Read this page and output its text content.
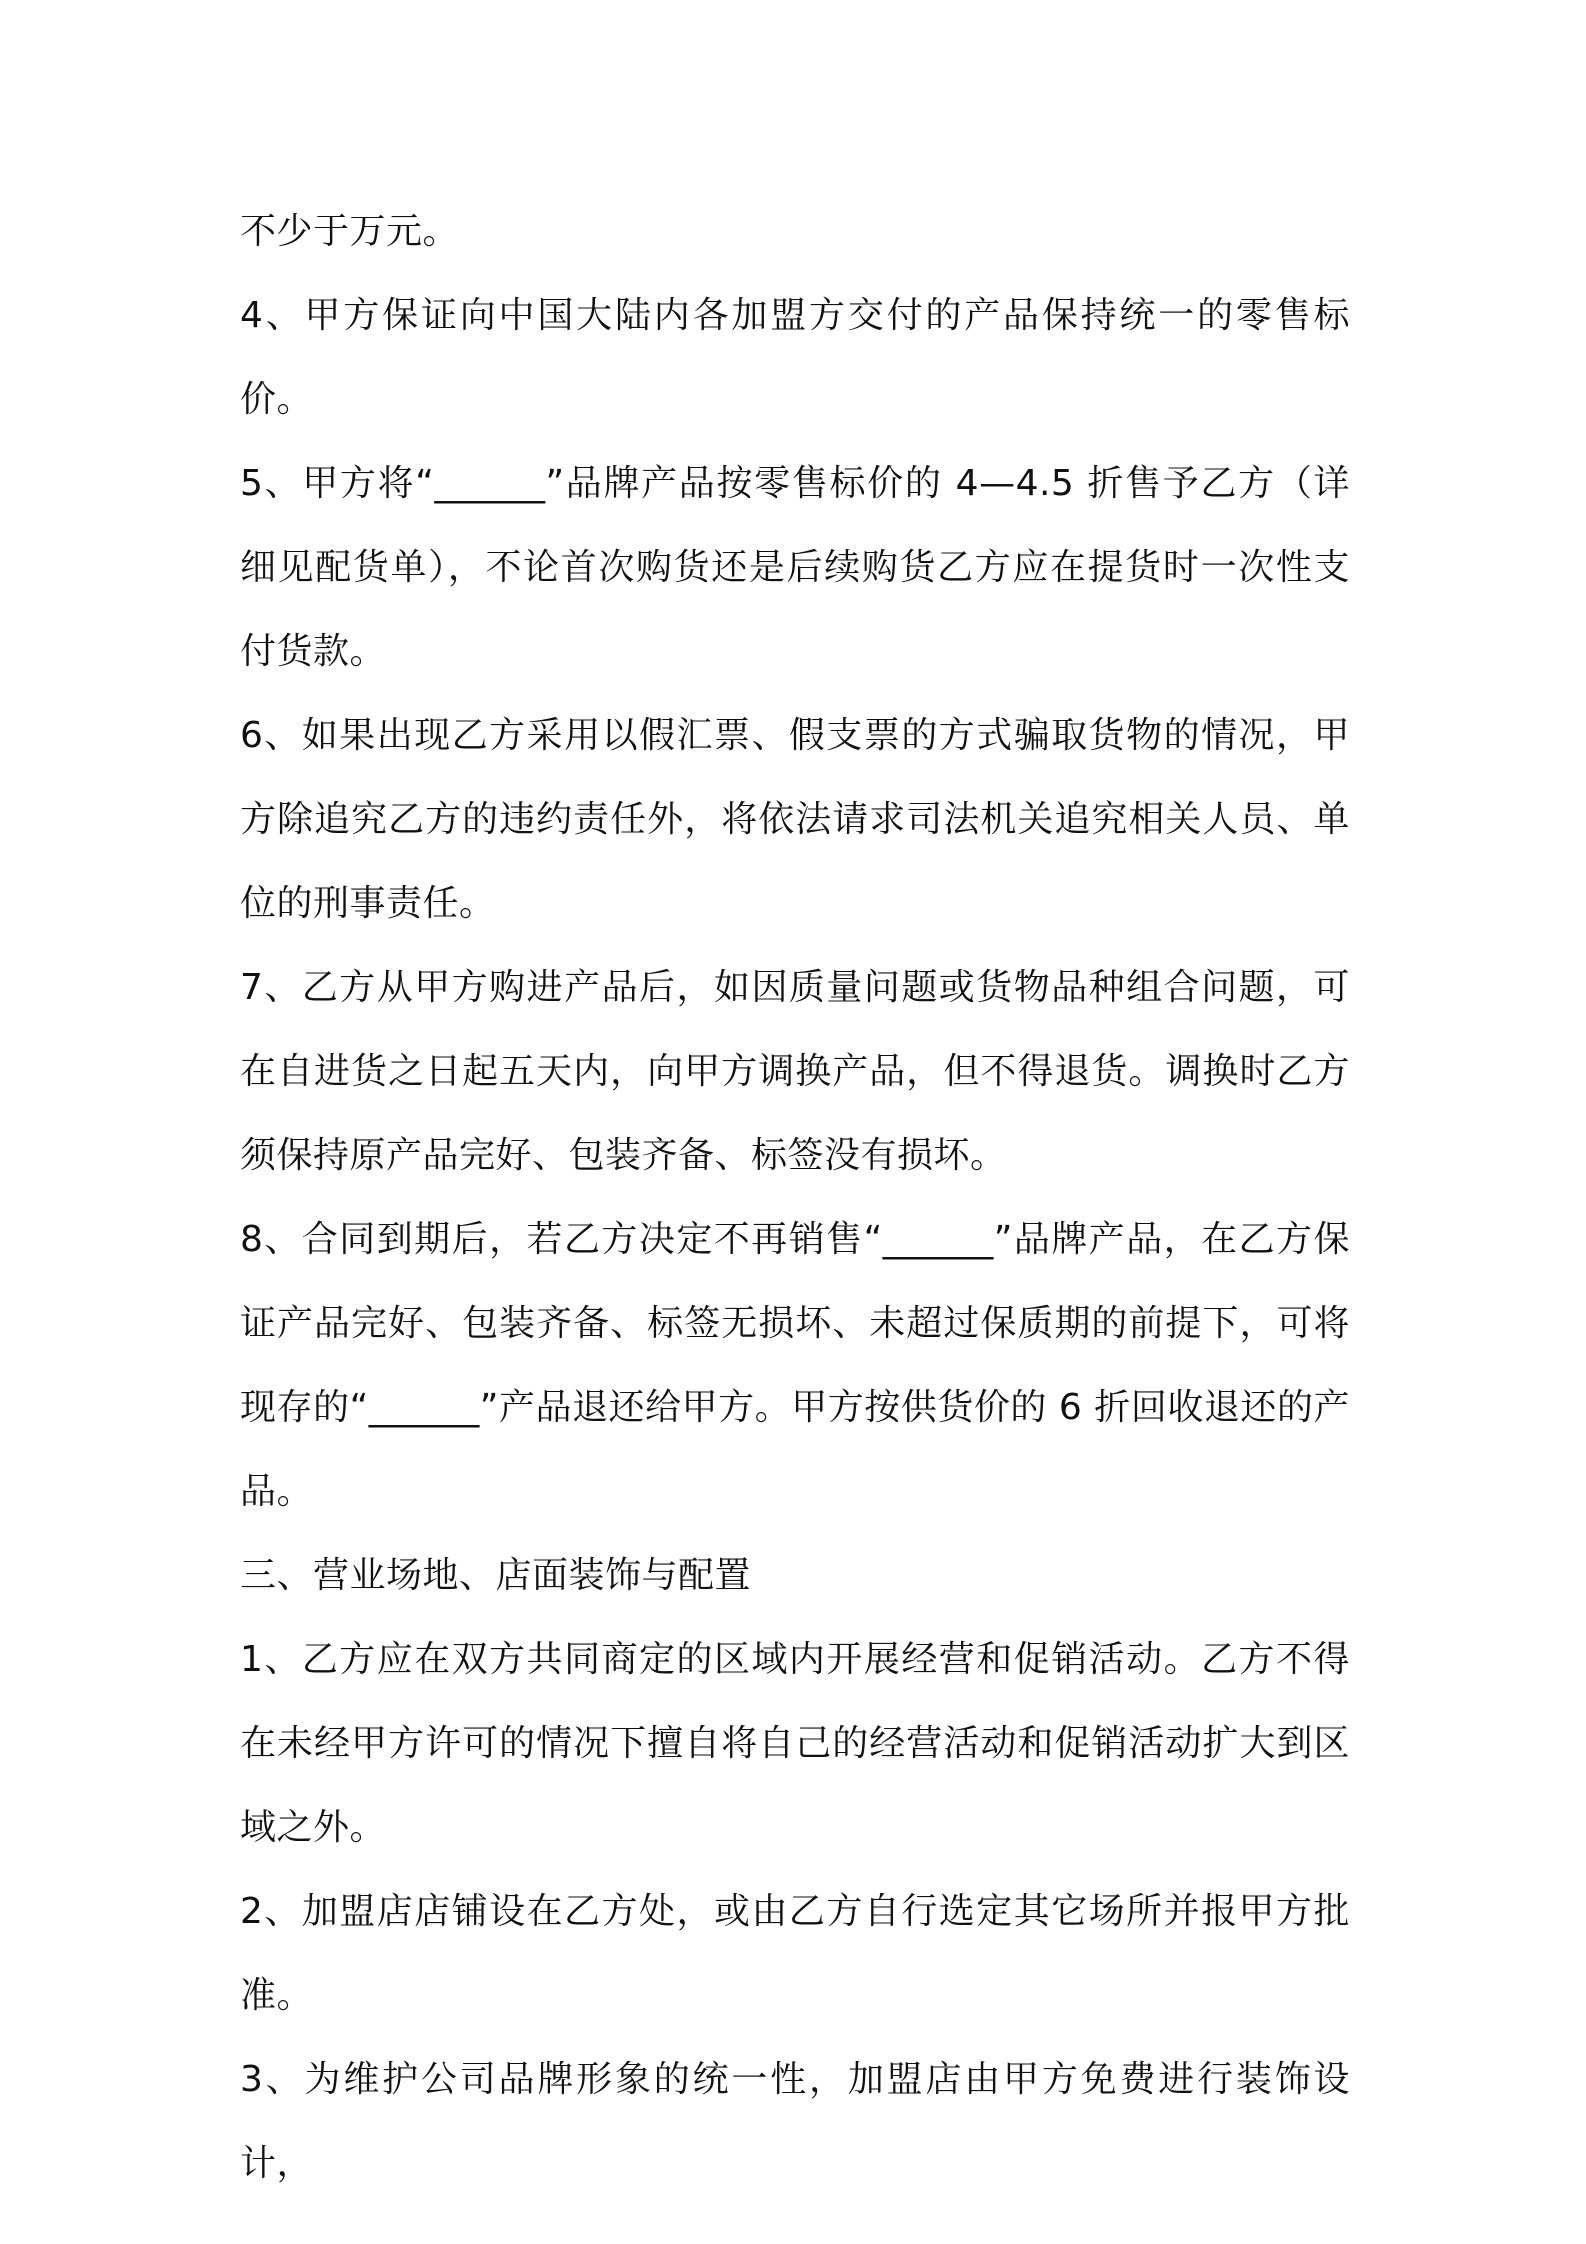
不少于万元。

4、甲方保证向中国大陆内各加盟方交付的产品保持统一的零售标价。

5、甲方将“______”品牌产品按零售标价的 4—4.5 折售予乙方（详细见配货单），不论首次购货还是后续购货乙方应在提货时一次性支付货款。

6、如果出现乙方采用以假汇票、假支票的方式骗取货物的情况，甲方除追究乙方的违约责任外，将依法请求司法机关追究相关人员、单位的刑事责任。

7、乙方从甲方购进产品后，如因质量问题或货物品种组合问题，可在自进货之日起五天内，向甲方调换产品，但不得退货。调换时乙方须保持原产品完好、包装齐备、标签没有损坏。

8、合同到期后，若乙方决定不再销售“______”品牌产品，在乙方保证产品完好、包装齐备、标签无损坏、未超过保质期的前提下，可将现存的“______”产品退还给甲方。甲方按供货价的 6 折回收退还的产品。

三、营业场地、店面装饰与配置

1、乙方应在双方共同商定的区域内开展经营和促销活动。乙方不得在未经甲方许可的情况下擅自将自己的经营活动和促销活动扩大到区域之外。

2、加盟店店铺设在乙方处，或由乙方自行选定其它场所并报甲方批准。

3、为维护公司品牌形象的统一性，加盟店由甲方免费进行装饰设计，
